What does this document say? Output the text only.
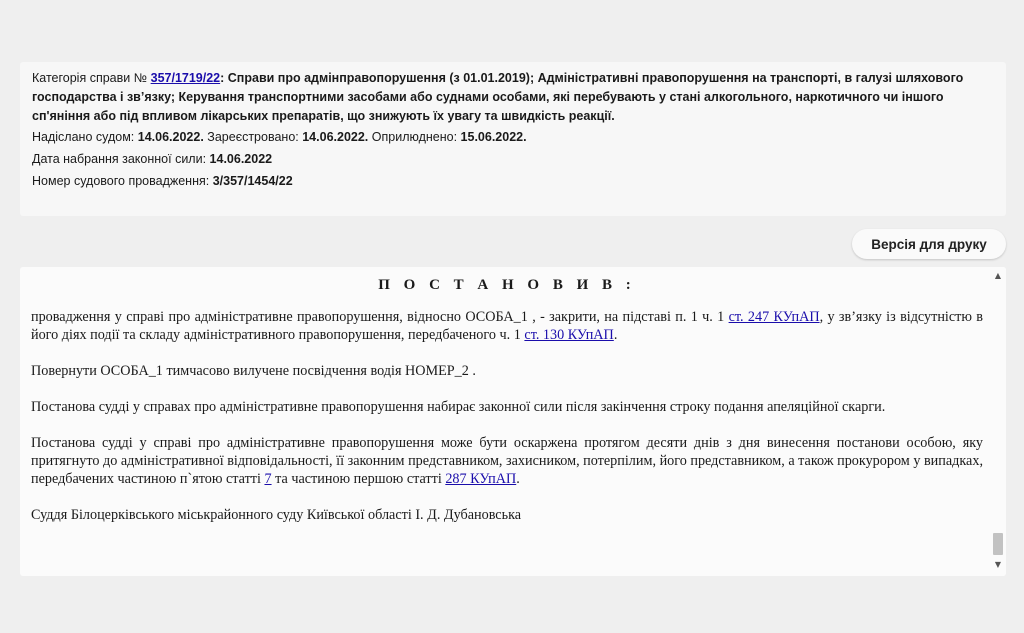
Категорія справи № 357/1719/22: Справи про адмінправопорушення (з 01.01.2019); Адміністративні правопорушення на транспорті, в галузі шляхового господарства і зв’язку; Керування транспортними засобами або суднами особами, які перебувають у стані алкогольного, наркотичного чи іншого сп'яніння або під впливом лікарських препаратів, що знижують їх увагу та швидкість реакції.

Надіслано судом: 14.06.2022. Зареєстровано: 14.06.2022. Оприлюднено: 15.06.2022.

Дата набрання законної сили: 14.06.2022

Номер судового провадження: 3/357/1454/22

Версія для друку
П О С Т А Н О В И В :

провадження у справі про адміністративне правопорушення, відносно ОСОБА_1 , - закрити, на підставі п. 1 ч. 1 ст. 247 КУпАП, у зв’язку із відсутністю в його діях події та складу адміністративного правопорушення, передбаченого ч. 1 ст. 130 КУпАП.

Повернути ОСОБА_1 тимчасово вилучене посвідчення водія НОМЕР_2 .

Постанова судді у справах про адміністративне правопорушення набирає законної сили після закінчення строку подання апеляційної скарги.

Постанова судді у справі про адміністративне правопорушення може бути оскаржена протягом десяти днів з дня винесення постанови особою, яку притягнуто до адміністративної відповідальності, її законним представником, захисником, потерпілим, його представником, а також прокурором у випадках, передбачених частиною п`ятою статті 7 та частиною першою статті 287 КУпАП.

Суддя Білоцерківського міськрайонного суду Київської області І. Д. Дубановська

▲
▼
